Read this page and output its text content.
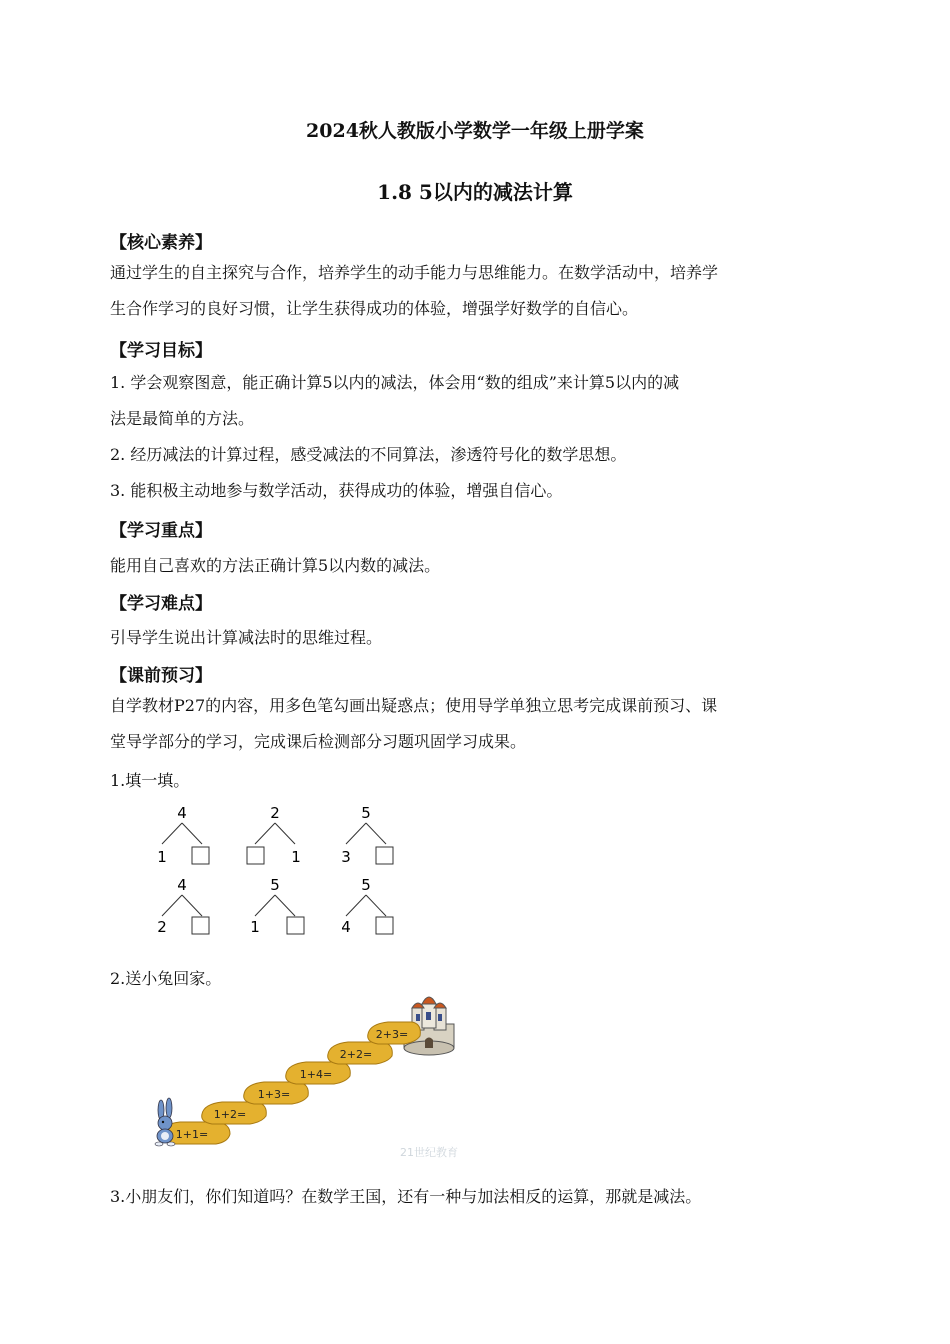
2024秋人教版小学数学一年级上册学案
1.8 5以内的减法计算
【核心素养】
通过学生的自主探究与合作，培养学生的动手能力与思维能力。在数学活动中，培养学
生合作学习的良好习惯，让学生获得成功的体验，增强学好数学的自信心。
【学习目标】
1. 学会观察图意，能正确计算5以内的减法，体会用“数的组成”来计算5以内的减
法是最简单的方法。
2. 经历减法的计算过程，感受减法的不同算法，渗透符号化的数学思想。
3. 能积极主动地参与数学活动，获得成功的体验，增强自信心。
【学习重点】
能用自己喜欢的方法正确计算5以内数的减法。
【学习难点】
引导学生说出计算减法时的思维过程。
【课前预习】
自学教材P27的内容，用多色笔勾画出疑惑点；使用导学单独立思考完成课前预习、课
堂导学部分的学习，完成课后检测部分习题巩固学习成果。
1.填一填。
4
1
2
1
5
3
4
2
5
1
5
4
2.送小兔回家。
21世纪教育
1+1=
1+2=
1+3=
1+4=
2+2=
2+3=
3.小朋友们，你们知道吗？在数学王国，还有一种与加法相反的运算，那就是减法。
